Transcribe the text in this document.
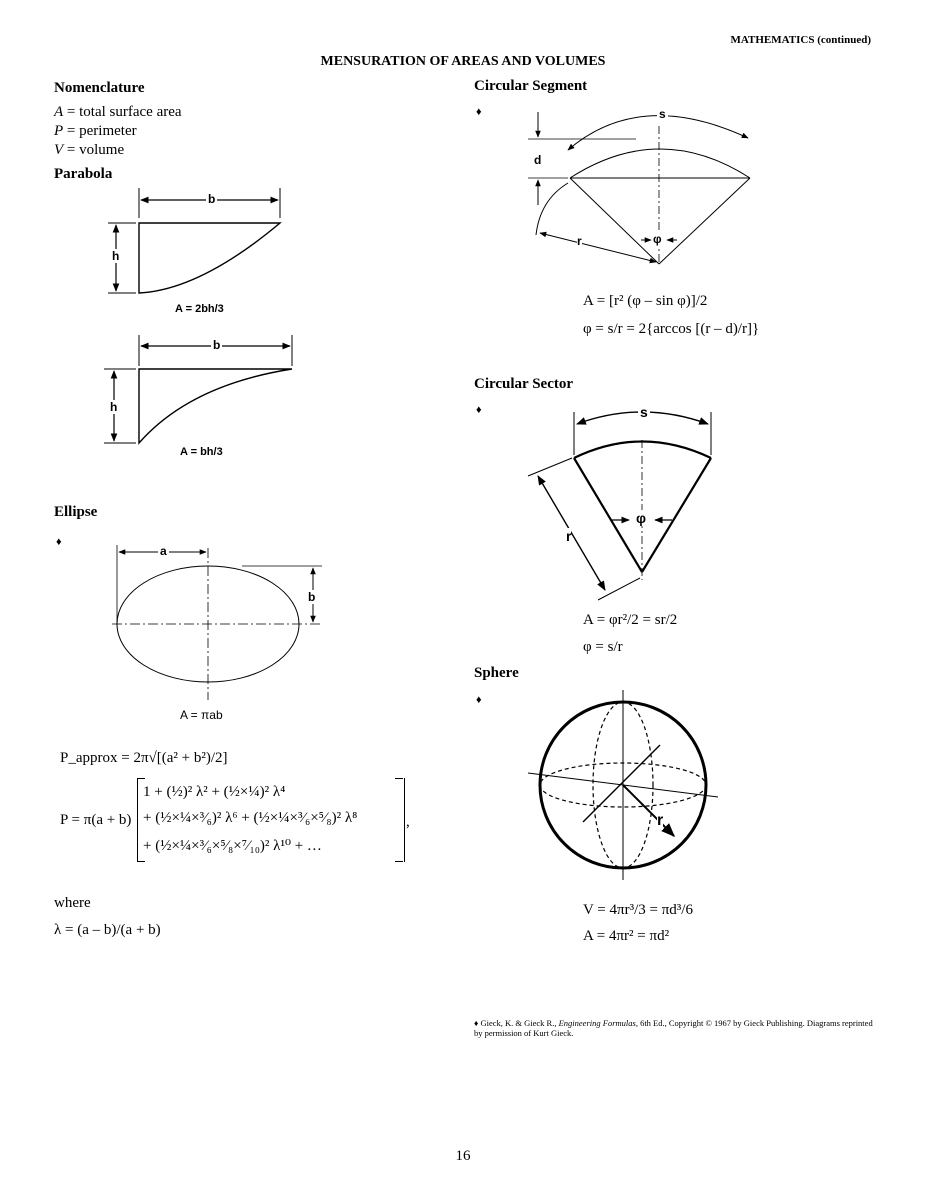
MATHEMATICS (continued)
MENSURATION OF AREAS AND VOLUMES
Nomenclature
A = total surface area
P = perimeter
V = volume
Parabola
b
h
A = 2bh/3
b
h
A = bh/3
Ellipse
♦
a
b
A = πab
P_approx = 2π√[(a² + b²)/2]
P = π(a + b)
1 + (½)² λ² + (½×¼)² λ⁴
+ (½×¼×³⁄₆)² λ⁶ + (½×¼×³⁄₆×⁵⁄₈)² λ⁸
+ (½×¼×³⁄₆×⁵⁄₈×⁷⁄₁₀)² λ¹⁰ + …
,
where
λ = (a – b)/(a + b)
Circular Segment
♦	s
d
r	φ
A = [r² (φ – sin φ)]/2
φ = s/r = 2{arccos [(r – d)/r]}
Circular Sector
♦	s
r
φ
A = φr²/2 = sr/2
φ = s/r
Sphere
♦
r
V = 4πr³/3 = πd³/6
A = 4πr² = πd²
♦ Gieck, K. & Gieck R., Engineering Formulas, 6th Ed., Copyright © 1967 by Gieck Publishing. Diagrams reprinted by permission of Kurt Gieck.
16
